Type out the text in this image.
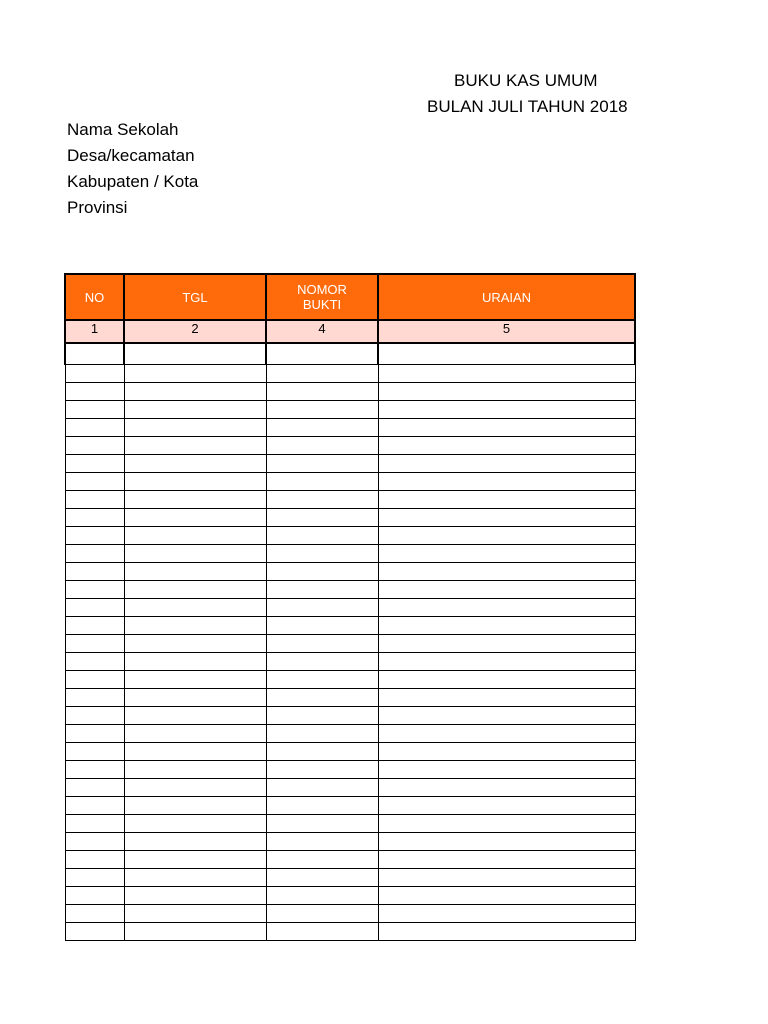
BUKU KAS UMUM
BULAN JULI TAHUN 2018
Nama Sekolah
Desa/kecamatan
Kabupaten / Kota
Provinsi
NO	TGL	NOMOR BUKTI	URAIAN
1	2	4	5
